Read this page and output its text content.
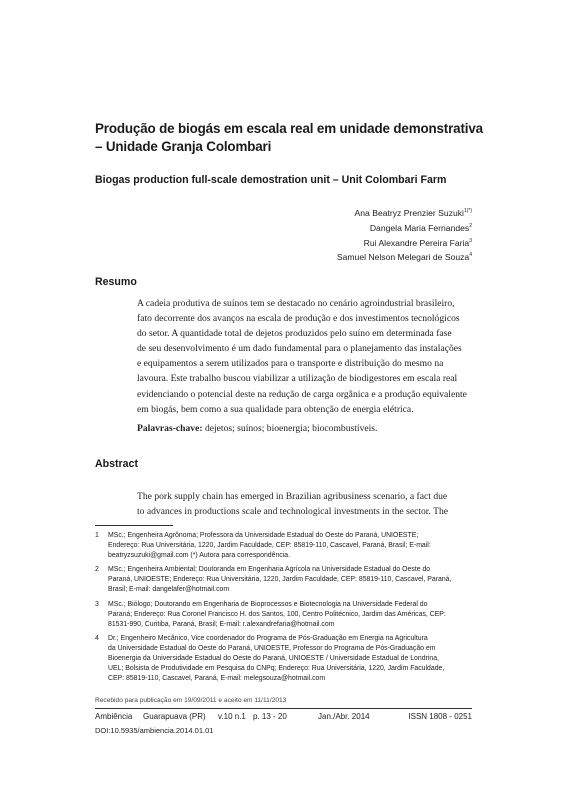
Produção de biogás em escala real em unidade demonstrativa
– Unidade Granja Colombari
Biogas production full-scale demostration unit – Unit Colombari Farm
Ana Beatryz Prenzier Suzuki$^{1(*)}$
Dangela Maria Fernandes$^2$
Rui Alexandre Pereira Faria$^3$
Samuel Nelson Melegari de Souza$^4$
Resumo
A cadeia produtiva de suínos tem se destacado no cenário agroindustrial brasileiro,
fato decorrente dos avanços na escala de produção e dos investimentos tecnológicos
do setor. A quantidade total de dejetos produzidos pelo suíno em determinada fase
de seu desenvolvimento é um dado fundamental para o planejamento das instalações
e equipamentos a serem utilizados para o transporte e distribuição do mesmo na
lavoura. Este trabalho buscou viabilizar a utilização de biodigestores em escala real
evidenciando o potencial deste na redução de carga orgânica e a produção equivalente
em biogás, bem como a sua qualidade para obtenção de energia elétrica.
Palavras-chave: dejetos; suínos; bioenergia; biocombustíveis.
Abstract
The pork supply chain has emerged in Brazilian agribusiness scenario, a fact due
to advances in productions scale and technological investments in the sector. The
1 MSc.; Engenheira Agrônoma; Professora da Universidade Estadual do Oeste do Paraná, UNIOESTE;
Endereço: Rua Universitária, 1220, Jardim Faculdade, CEP: 85819-110, Cascavel, Paraná, Brasil; E-mail:
beatryzsuzuki@gmail.com (*) Autora para correspondência.
2 MSc.; Engenheira Ambiental; Doutoranda em Engenharia Agrícola na Universidade Estadual do Oeste do
Paraná, UNIOESTE; Endereço: Rua Universitária, 1220, Jardim Faculdade, CEP: 85819-110, Cascavel, Paraná,
Brasil; E-mail: dangelafer@hotmail.com
3 MSc.; Biólogo; Doutorando em Engenharia de Bioprocessos e Biotecnologia na Universidade Federal do
Paraná; Endereço: Rua Coronel Francisco H. dos Santos, 100, Centro Politécnico, Jardim das Américas, CEP:
81531-990, Curitiba, Paraná, Brasil; E-mail: r.alexandrefaria@hotmail.com
4 Dr.; Engenheiro Mecânico, Vice coordenador do Programa de Pós-Graduação em Energia na Agricultura
da Universidade Estadual do Oeste do Paraná, UNIOESTE, Professor do Programa de Pós-Graduação em
Bioenergia da Universidade Estadual do Oeste do Paraná, UNIOESTE / Universidade Estadual de Londrina,
UEL; Bolsista de Produtividade em Pesquisa do CNPq; Endereço: Rua Universitária, 1220, Jardim Faculdade,
CEP: 85819-110, Cascavel, Paraná, E-mail: melegsouza@hotmail.com
Recebido para publicação em 19/09/2011 e aceito em 11/11/2013
Ambiência Guarapuava (PR) v.10 n.1 p. 13 - 20	Jan./Abr. 2014	ISSN 1808 - 0251
DOI:10.5935/ambiencia.2014.01.01
